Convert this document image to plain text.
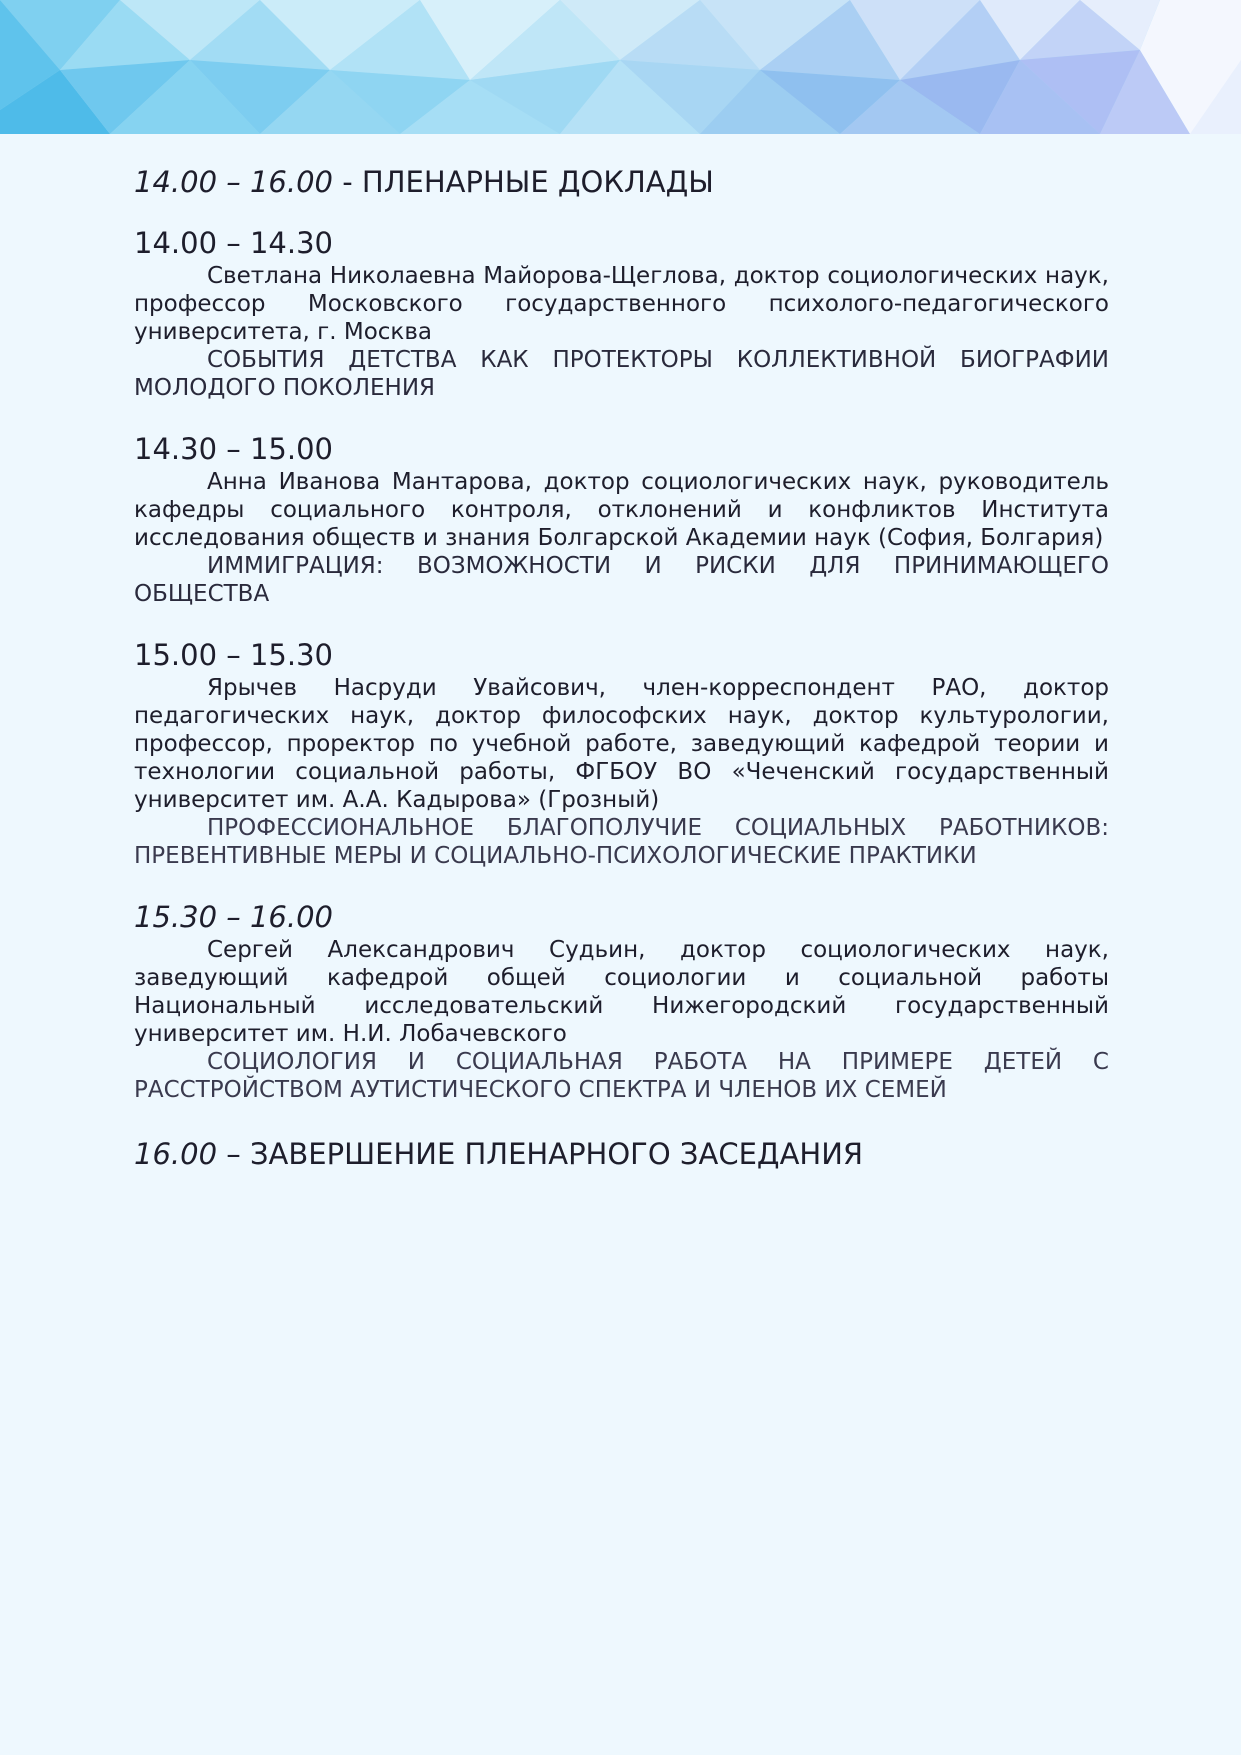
14.00 – 16.00 - ПЛЕНАРНЫЕ ДОКЛАДЫ

14.00 – 14.30

Светлана Николаевна Майорова-Щеглова, доктор социологических наук, профессор Московского государственного психолого-педагогического университета, г. Москва

СОБЫТИЯ ДЕТСТВА КАК ПРОТЕКТОРЫ КОЛЛЕКТИВНОЙ БИОГРАФИИ МОЛОДОГО ПОКОЛЕНИЯ

14.30 – 15.00

Анна Иванова Мантарова, доктор социологических наук, руководитель кафедры социального контроля, отклонений и конфликтов Института исследования обществ и знания Болгарской Академии наук (София, Болгария)

ИММИГРАЦИЯ: ВОЗМОЖНОСТИ И РИСКИ ДЛЯ ПРИНИМАЮЩЕГО ОБЩЕСТВА

15.00 – 15.30

Ярычев Насруди Увайсович, член-корреспондент РАО, доктор педагогических наук, доктор философских наук, доктор культурологии, профессор, проректор по учебной работе, заведующий кафедрой теории и технологии социальной работы, ФГБОУ ВО «Чеченский государственный университет им. А.А. Кадырова» (Грозный)

ПРОФЕССИОНАЛЬНОЕ БЛАГОПОЛУЧИЕ СОЦИАЛЬНЫХ РАБОТНИКОВ: ПРЕВЕНТИВНЫЕ МЕРЫ И СОЦИАЛЬНО-ПСИХОЛОГИЧЕСКИЕ ПРАКТИКИ

15.30 – 16.00

Сергей Александрович Судьин, доктор социологических наук, заведующий кафедрой общей социологии и социальной работы Национальный исследовательский Нижегородский государственный университет им. Н.И. Лобачевского

СОЦИОЛОГИЯ И СОЦИАЛЬНАЯ РАБОТА НА ПРИМЕРЕ ДЕТЕЙ С РАССТРОЙСТВОМ АУТИСТИЧЕСКОГО СПЕКТРА И ЧЛЕНОВ ИХ СЕМЕЙ

16.00 – ЗАВЕРШЕНИЕ ПЛЕНАРНОГО ЗАСЕДАНИЯ
